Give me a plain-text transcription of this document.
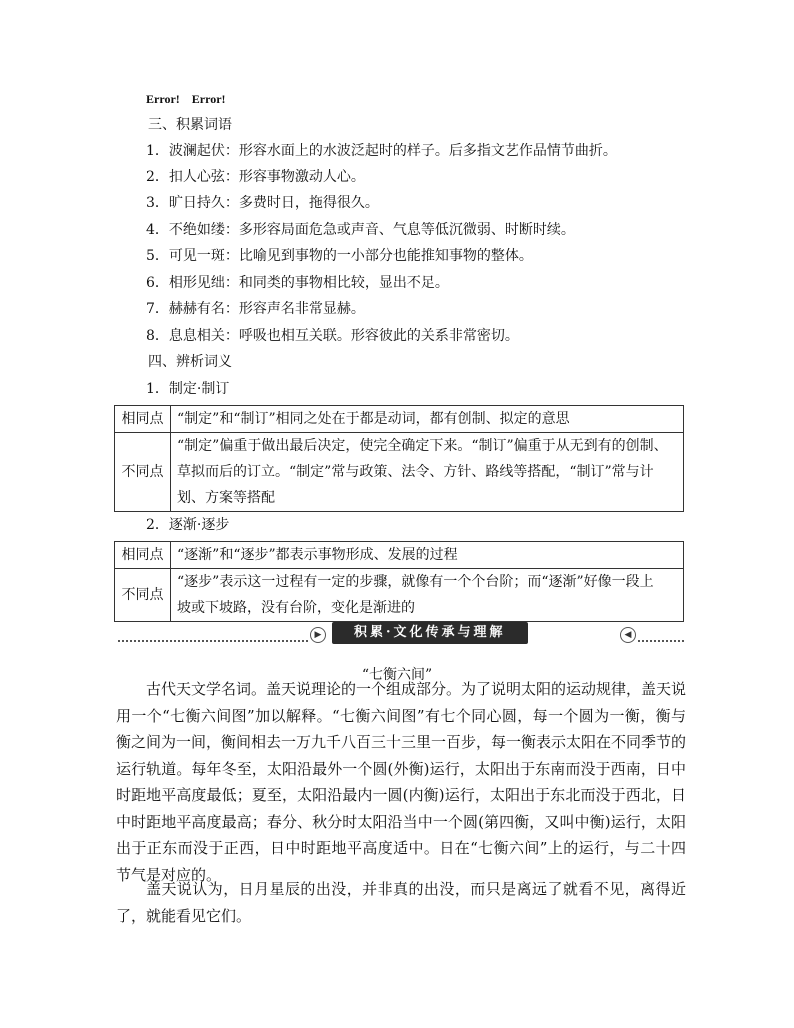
Error! Error!
三、积累词语
1．波澜起伏：形容水面上的水波泛起时的样子。后多指文艺作品情节曲折。
2．扣人心弦：形容事物激动人心。
3．旷日持久：多费时日，拖得很久。
4．不绝如缕：多形容局面危急或声音、气息等低沉微弱、时断时续。
5．可见一斑：比喻见到事物的一小部分也能推知事物的整体。
6．相形见绌：和同类的事物相比较，显出不足。
7．赫赫有名：形容声名非常显赫。
8．息息相关：呼吸也相互关联。形容彼此的关系非常密切。
四、辨析词义
1．制定·制订
相同点	“制定”和“制订”相同之处在于都是动词，都有创制、拟定的意思
不同点	“制定”偏重于做出最后决定，使完全确定下来。“制订”偏重于从无到有的创制、
草拟而后的订立。“制定”常与政策、法令、方针、路线等搭配，“制订”常与计
划、方案等搭配
2．逐渐·逐步
相同点	“逐渐”和“逐步”都表示事物形成、发展的过程
不同点	“逐步”表示这一过程有一定的步骤，就像有一个个台阶；而“逐渐”好像一段上
坡或下坡路，没有台阶，变化是渐进的
▶	积累·文化传承与理解	◀
“七衡六间”

古代天文学名词。盖天说理论的一个组成部分。为了说明太阳的运动规律，盖天说用一个“七衡六间图”加以解释。“七衡六间图”有七个同心圆，每一个圆为一衡，衡与衡之间为一间，衡间相去一万九千八百三十三里一百步，每一衡表示太阳在不同季节的运行轨道。每年冬至，太阳沿最外一个圆(外衡)运行，太阳出于东南而没于西南，日中时距地平高度最低；夏至，太阳沿最内一圆(内衡)运行，太阳出于东北而没于西北，日中时距地平高度最高；春分、秋分时太阳沿当中一个圆(第四衡，又叫中衡)运行，太阳出于正东而没于正西，日中时距地平高度适中。日在“七衡六间”上的运行，与二十四节气是对应的。

盖天说认为，日月星辰的出没，并非真的出没，而只是离远了就看不见，离得近了，就能看见它们。
